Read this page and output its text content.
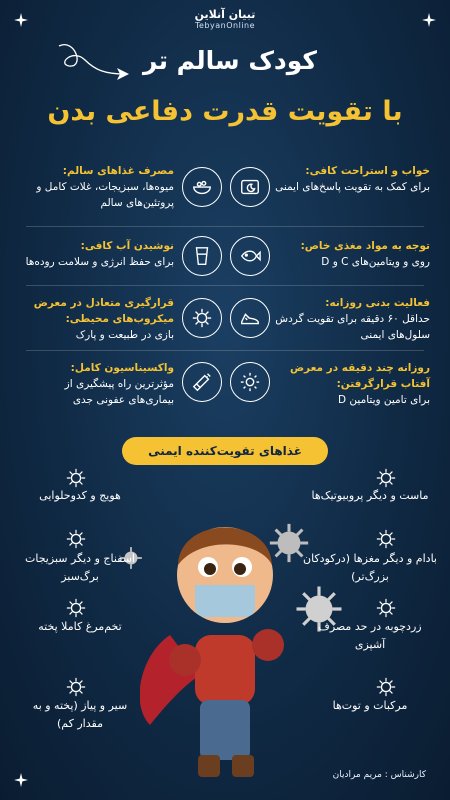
تبیان آنلاین
TebyanOnline
کودک سالم تر
با تقویت قدرت دفاعی بدن
خواب و استراحت کافی:
برای کمک به تقویت پاسخ‌های ایمنی
مصرف غذاهای سالم:
میوه‌ها، سبزیجات، غلات کامل و پروتئین‌های سالم
توجه به مواد مغذی خاص:
روی و ویتامین‌های C و D
نوشیدن آب کافی:
برای حفظ انرژی و سلامت روده‌ها
فعالیت بدنی روزانه:
حداقل ۶۰ دقیقه برای تقویت گردش سلول‌های ایمنی
قرارگیری متعادل در معرض میکروب‌های محیطی:
بازی در طبیعت و پارک
روزانه چند دقیقه در معرض آفتاب قرارگرفتن:
برای تامین ویتامین D
واکسیناسیون کامل:
مؤثرترین راه پیشگیری از بیماری‌های عفونی جدی
غذاهای تقویت‌کننده ایمنی
ماست و دیگر پروبیوتیک‌ها
هویج و کدوحلوایی
بادام و دیگر مغزها (درکودکان بزرگ‌تر)
اسفناج و دیگر سبزیجات برگ‌سبز
زردچوبه در حد مصرف آشپزی
تخم‌مرغ کاملا پخته
مرکبات و توت‌ها
سیر و پیاز (پخته و به مقدار کم)
کارشناس : مریم مرادیان
